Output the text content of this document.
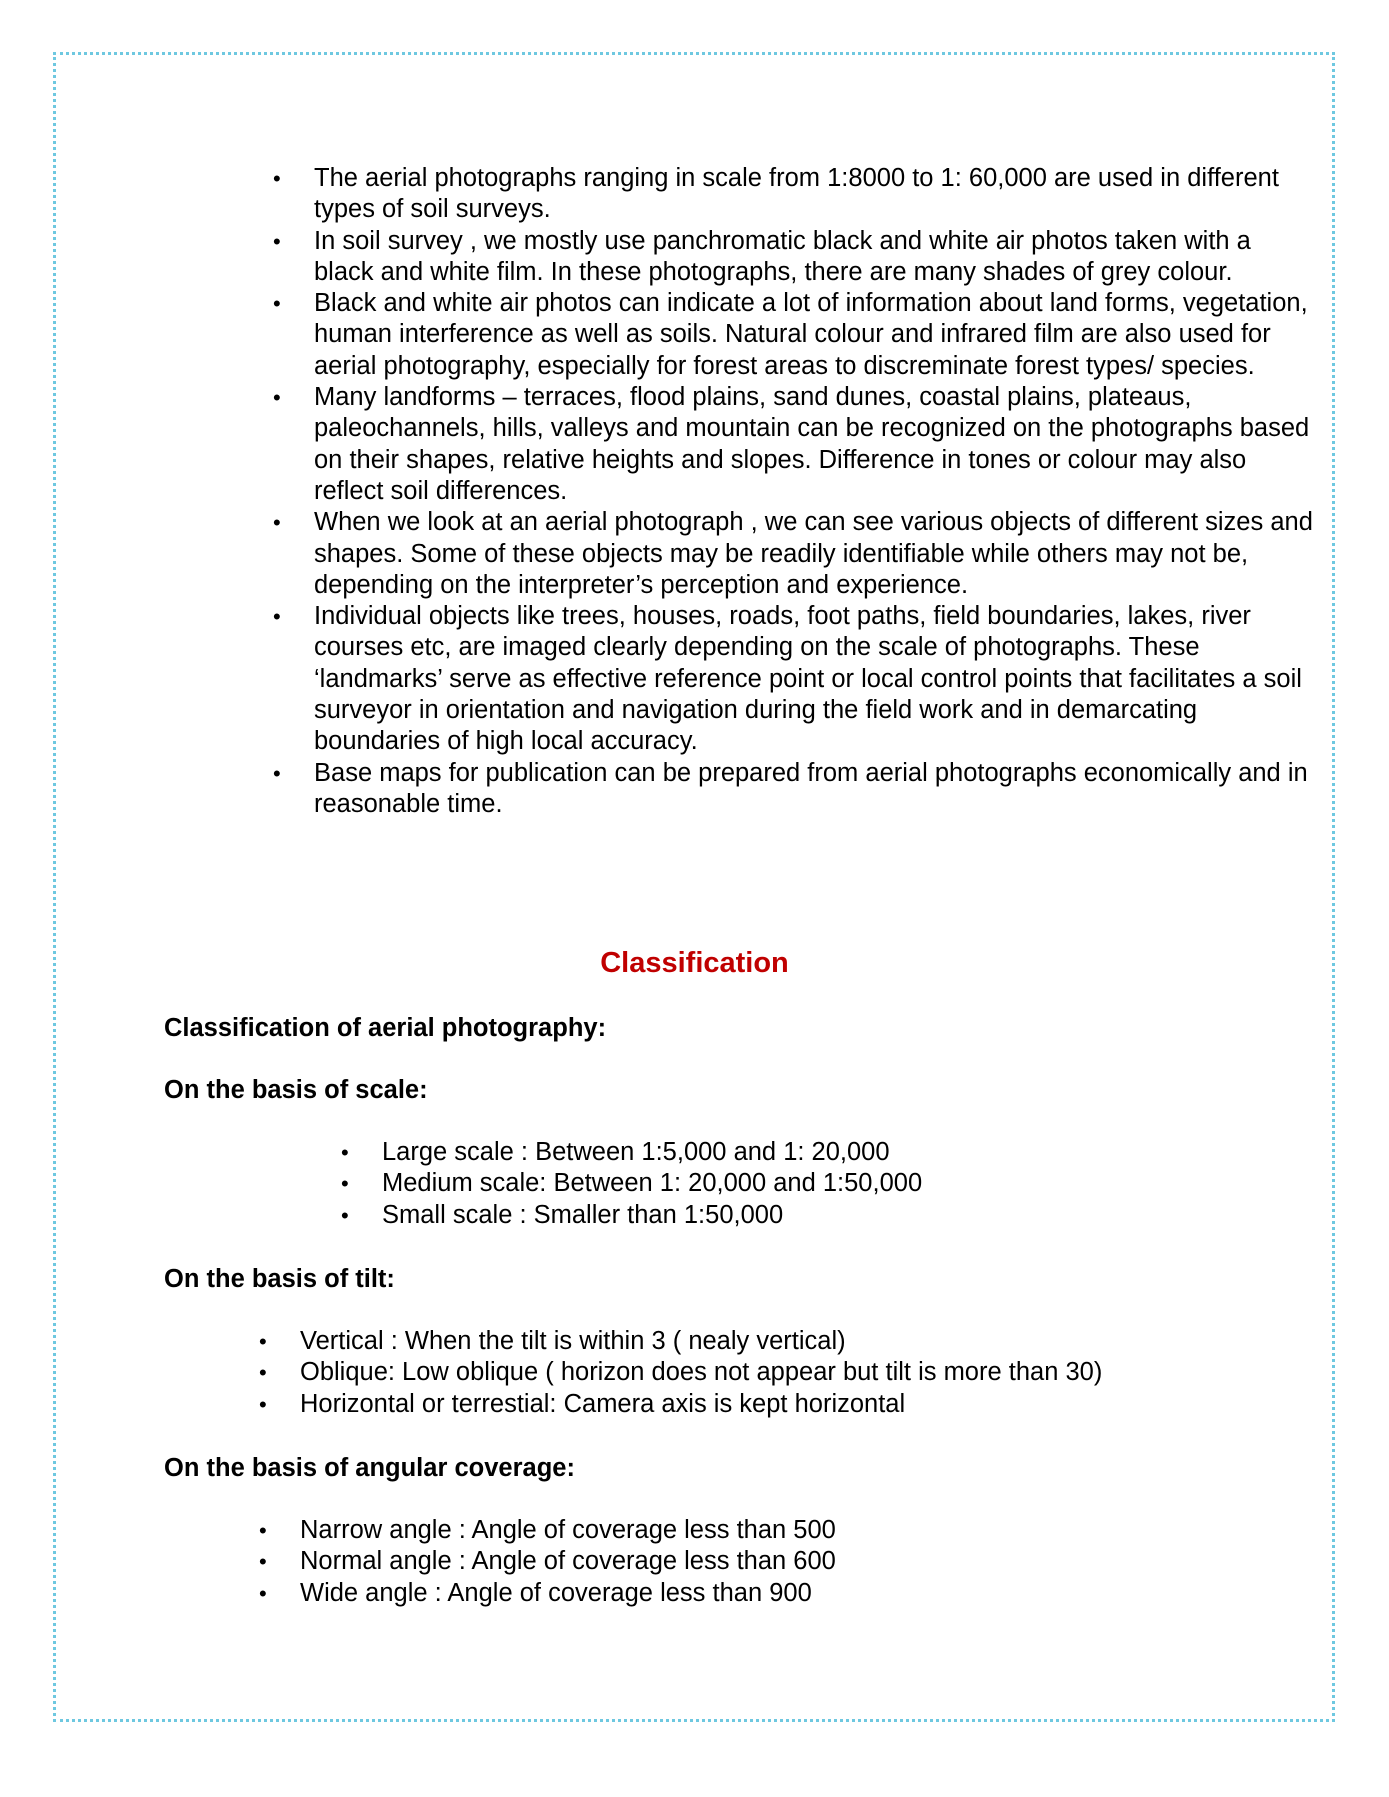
• The aerial photographs ranging in scale from 1:8000 to 1: 60,000 are used in different types of soil surveys.
• In soil survey , we mostly use panchromatic black and white air photos taken with a black and white film. In these photographs, there are many shades of grey colour.
• Black and white air photos can indicate a lot of information about land forms, vegetation, human interference as well as soils. Natural colour and infrared film are also used for aerial photography, especially for forest areas to discreminate forest types/ species.
• Many landforms – terraces, flood plains, sand dunes, coastal plains, plateaus, paleochannels, hills, valleys and mountain can be recognized on the photographs based on their shapes, relative heights and slopes. Difference in tones or colour may also reflect soil differences.
• When we look at an aerial photograph , we can see various objects of different sizes and shapes. Some of these objects may be readily identifiable while others may not be, depending on the interpreter’s perception and experience.
• Individual objects like trees, houses, roads, foot paths, field boundaries, lakes, river courses etc, are imaged clearly depending on the scale of photographs. These ‘landmarks’ serve as effective reference point or local control points that facilitates a soil surveyor in orientation and navigation during the field work and in demarcating boundaries of high local accuracy.
• Base maps for publication can be prepared from aerial photographs economically and in reasonable time.
Classification

Classification of aerial photography:

On the basis of scale:

• Large scale : Between 1:5,000 and 1: 20,000
• Medium scale: Between 1: 20,000 and 1:50,000
• Small scale : Smaller than 1:50,000

On the basis of tilt:

• Vertical : When the tilt is within 3 ( nealy vertical)
• Oblique: Low oblique ( horizon does not appear but tilt is more than 30)
• Horizontal or terrestial: Camera axis is kept horizontal

On the basis of angular coverage:

• Narrow angle : Angle of coverage less than 500
• Normal angle : Angle of coverage less than 600
• Wide angle : Angle of coverage less than 900
